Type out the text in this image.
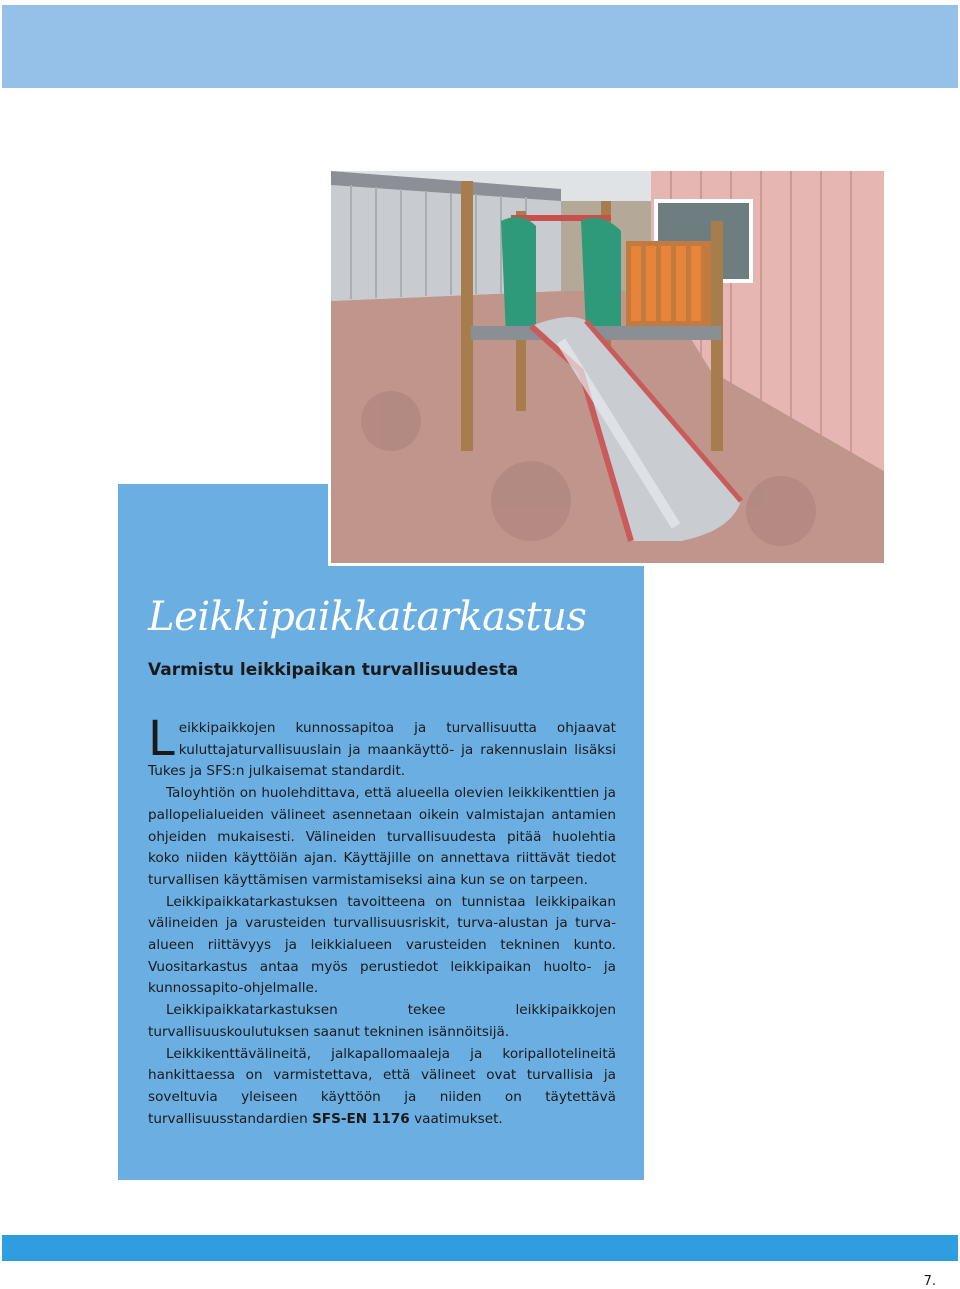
Leikkipaikkatarkastus
Varmistu leikkipaikan turvallisuudesta

Leikkipaikkojen kunnossapitoa ja turvallisuutta ohjaavat kuluttajaturvallisuuslain ja maankäyttö- ja rakennuslain lisäksi Tukes ja SFS:n julkaisemat standardit.

Taloyhtiön on huolehdittava, että alueella olevien leikkikenttien ja pallopelialueiden välineet asennetaan oikein valmistajan antamien ohjeiden mukaisesti. Välineiden turvallisuudesta pitää huolehtia koko niiden käyttöiän ajan. Käyttäjille on annettava riittävät tiedot turvallisen käyttämisen varmistamiseksi aina kun se on tarpeen.

Leikkipaikkatarkastuksen tavoitteena on tunnistaa leikkipaikan välineiden ja varusteiden turvallisuusriskit, turva-alustan ja turva-alueen riittävyys ja leikkialueen varusteiden tekninen kunto. Vuositarkastus antaa myös perustiedot leikkipaikan huolto- ja kunnossapito-ohjelmalle.

Leikkipaikkatarkastuksen tekee leikkipaikkojen turvallisuuskoulutuksen saanut tekninen isännöitsijä.

Leikkikenttävälineitä, jalkapallomaaleja ja koripallotelineitä hankittaessa on varmistettava, että välineet ovat turvallisia ja soveltuvia yleiseen käyttöön ja niiden on täytettävä turvallisuusstandardien SFS-EN 1176 vaatimukset.

7.
